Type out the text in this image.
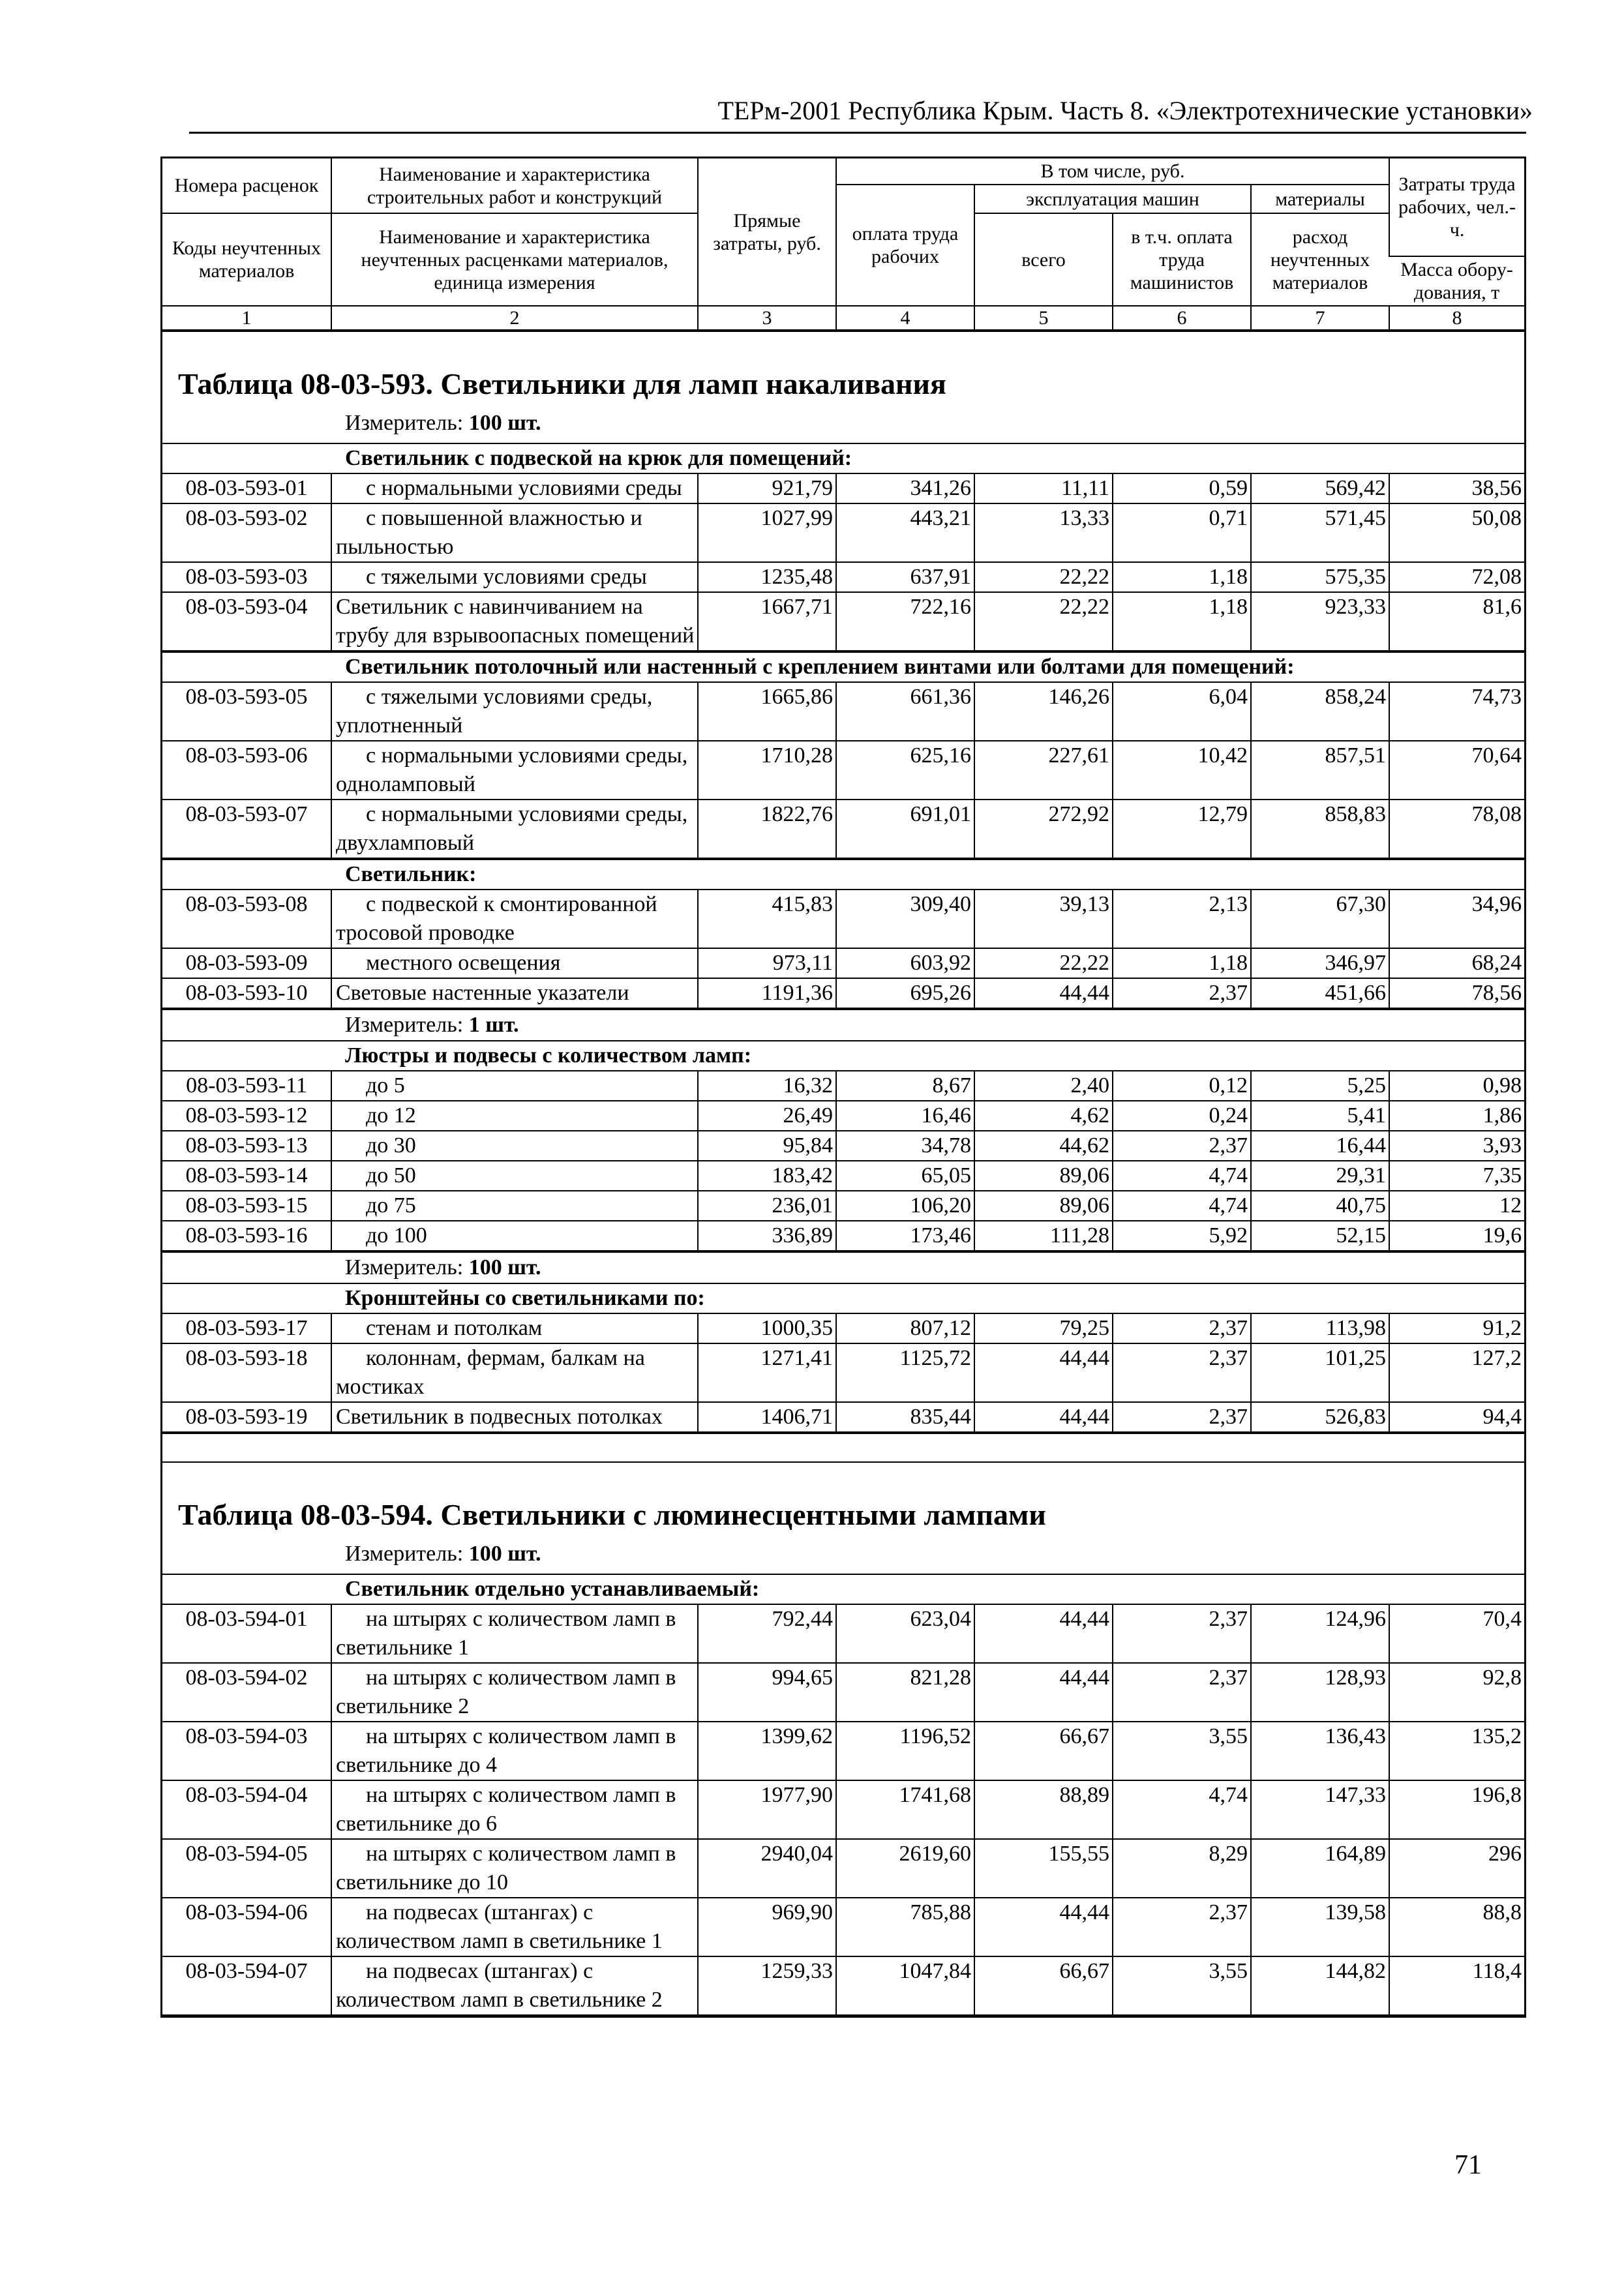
ТЕРм-2001 Республика Крым. Часть 8. «Электротехнические установки»
Номера расценок	Наименование и характеристика строительных работ и конструкций	Прямые затраты, руб.	В том числе, руб.				Затраты труда рабочих, чел.-ч.
			оплата труда рабочих	эксплуатация машин		материалы	
Коды неучтенных материалов	Наименование и характеристика неучтенных расценками материалов, единица измерения			всего	в т.ч. оплата труда машинистов	расход неучтенных материалов	
							Масса обору-дования, т
1	2	3	4	5	6	7	8
Таблица 08-03-593. Светильники для ламп накаливания
Измеритель: 100 шт.
Светильник с подвеской на крюк для помещений:							
08-03-593-01	с нормальными условиями среды	921,79	341,26	11,11	0,59	569,42	38,56
08-03-593-02	с повышенной влажностью и пыльностью	1027,99	443,21	13,33	0,71	571,45	50,08
08-03-593-03	с тяжелыми условиями среды	1235,48	637,91	22,22	1,18	575,35	72,08
08-03-593-04	Светильник с навинчиванием на трубу для взрывоопасных помещений	1667,71	722,16	22,22	1,18	923,33	81,6
Светильник потолочный или настенный с креплением винтами или болтами для помещений:							
08-03-593-05	с тяжелыми условиями среды, уплотненный	1665,86	661,36	146,26	6,04	858,24	74,73
08-03-593-06	с нормальными условиями среды, одноламповый	1710,28	625,16	227,61	10,42	857,51	70,64
08-03-593-07	с нормальными условиями среды, двухламповый	1822,76	691,01	272,92	12,79	858,83	78,08
Светильник:							
08-03-593-08	с подвеской к смонтированной тросовой проводке	415,83	309,40	39,13	2,13	67,30	34,96
08-03-593-09	местного освещения	973,11	603,92	22,22	1,18	346,97	68,24
08-03-593-10	Световые настенные указатели	1191,36	695,26	44,44	2,37	451,66	78,56
Измеритель: 1 шт.
Люстры и подвесы с количеством ламп:							
08-03-593-11	до 5	16,32	8,67	2,40	0,12	5,25	0,98
08-03-593-12	до 12	26,49	16,46	4,62	0,24	5,41	1,86
08-03-593-13	до 30	95,84	34,78	44,62	2,37	16,44	3,93
08-03-593-14	до 50	183,42	65,05	89,06	4,74	29,31	7,35
08-03-593-15	до 75	236,01	106,20	89,06	4,74	40,75	12
08-03-593-16	до 100	336,89	173,46	111,28	5,92	52,15	19,6
Измеритель: 100 шт.
Кронштейны со светильниками по:							
08-03-593-17	стенам и потолкам	1000,35	807,12	79,25	2,37	113,98	91,2
08-03-593-18	колоннам, фермам, балкам на мостиках	1271,41	1125,72	44,44	2,37	101,25	127,2
08-03-593-19	Светильник в подвесных потолках	1406,71	835,44	44,44	2,37	526,83	94,4
Таблица 08-03-594. Светильники с люминесцентными лампами
Измеритель: 100 шт.
Светильник отдельно устанавливаемый:							
08-03-594-01	на штырях с количеством ламп в светильнике 1	792,44	623,04	44,44	2,37	124,96	70,4
08-03-594-02	на штырях с количеством ламп в светильнике 2	994,65	821,28	44,44	2,37	128,93	92,8
08-03-594-03	на штырях с количеством ламп в светильнике до 4	1399,62	1196,52	66,67	3,55	136,43	135,2
08-03-594-04	на штырях с количеством ламп в светильнике до 6	1977,90	1741,68	88,89	4,74	147,33	196,8
08-03-594-05	на штырях с количеством ламп в светильнике до 10	2940,04	2619,60	155,55	8,29	164,89	296
08-03-594-06	на подвесах (штангах) с количеством ламп в светильнике 1	969,90	785,88	44,44	2,37	139,58	88,8
08-03-594-07	на подвесах (штангах) с количеством ламп в светильнике 2	1259,33	1047,84	66,67	3,55	144,82	118,4
71
